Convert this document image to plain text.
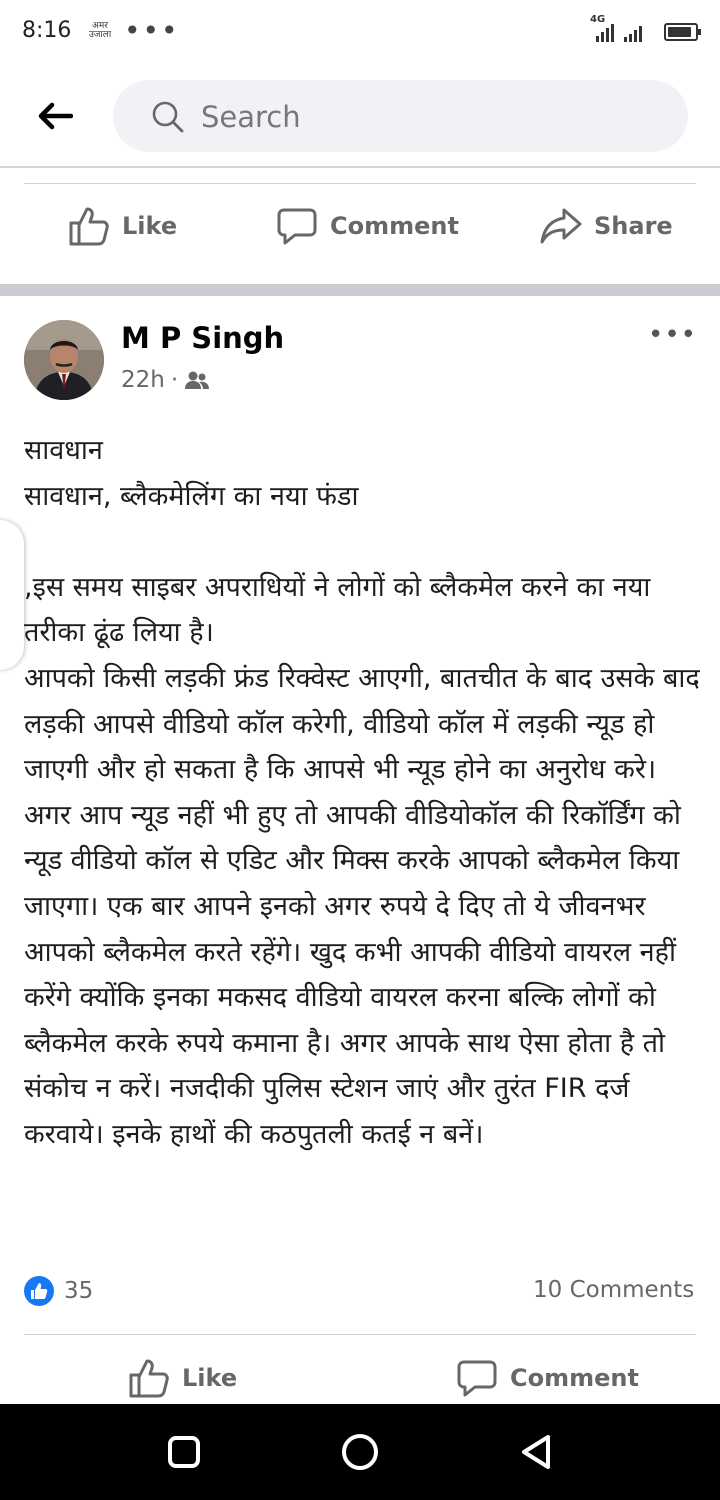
8:16	अमर
उजाला •••	4G
Search
Like	Comment	Share
M P Singh
22h ·
•••

सावधान

सावधान, ब्लैकमेलिंग का नया फंडा

,इस समय साइबर अपराधियों ने लोगों को ब्लैकमेल करने का नया तरीका ढूंढ लिया है।

आपको किसी लड़की फ्रंड रिक्वेस्ट आएगी, बातचीत के बाद उसके बाद लड़की आपसे वीडियो कॉल करेगी, वीडियो कॉल में लड़की न्यूड हो जाएगी और हो सकता है कि आपसे भी न्यूड होने का अनुरोध करे। अगर आप न्यूड नहीं भी हुए तो आपकी वीडियोकॉल की रिकॉर्डिंग को न्यूड वीडियो कॉल से एडिट और मिक्स करके आपको ब्लैकमेल किया जाएगा। एक बार आपने इनको अगर रुपये दे दिए तो ये जीवनभर आपको ब्लैकमेल करते रहेंगे। खुद कभी आपकी वीडियो वायरल नहीं करेंगे क्योंकि इनका मकसद वीडियो वायरल करना बल्कि लोगों को ब्लैकमेल करके रुपये कमाना है। अगर आपके साथ ऐसा होता है तो संकोच न करें। नजदीकी पुलिस स्टेशन जाएं और तुरंत FIR दर्ज करवाये। इनके हाथों की कठपुतली कतई न बनें।

35	10 Comments
Like	Comment
